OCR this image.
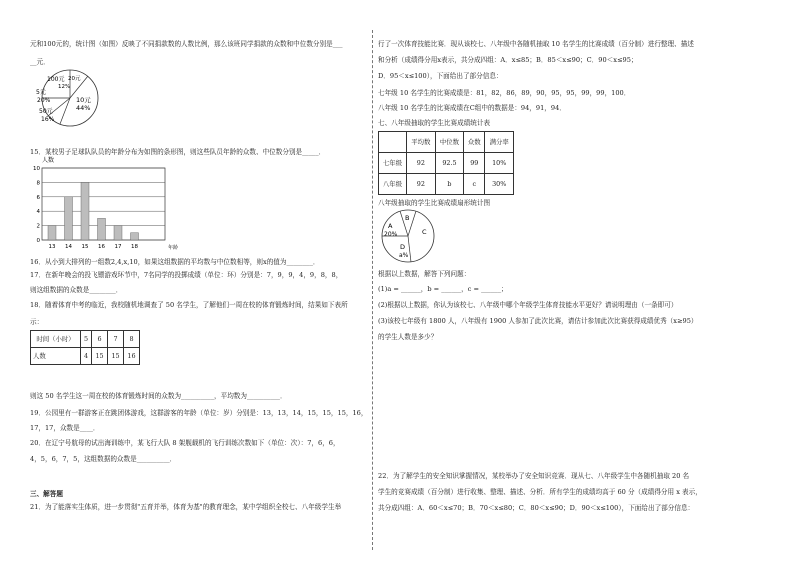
元和100元的，统计图（如图）反映了不同捐款数的人数比例，那么该班同学捐款的众数和中位数分别是___
__元．
100元
12%
20元
50元
16%
10元
44%
5元
20%
15．某校男子足球队队员的年龄分布为如图的条形图，则这些队员年龄的众数、中位数分别是_____．
人数
年龄
0
2
4
6
8
10
13 14 15 16 17 18
16．从小到大排列的一组数2,4,x,10，如果这组数据的平均数与中位数相等，则x的值为________．
17．在新年晚会的投飞镖游戏环节中，7名同学的投掷成绩（单位：环）分别是：7，9，9，4，9，8，8，
则这组数据的众数是________．
18．随着体育中考的临近，我校随机地调查了 50 名学生，了解他们一周在校的体育锻炼时间，结果如下表所
示：
时间（小时）	5	6	7	8
人数	4	15	15	16
则这 50 名学生这一周在校的体育锻炼时间的众数为__________，平均数为__________．
19．公园里有一群游客正在跳团体游戏，这群游客的年龄（单位：岁）分别是：13，13，14，15，15，15，16，
17，17，众数是____．
20．在辽宁号航母的试出海训练中，某飞行大队 8 架舰载机的飞行训练次数如下（单位：次）：7，6，6，
4，5，6，7，5，这组数据的众数是__________．
三、解答题
21．为了能落实生体质，进一步贯彻"五育并举，体育为基"的教育理念，某中学组织全校七、八年级学生举
行了一次体育技能比赛．现从该校七、八年级中各随机抽取 10 名学生的比赛成绩（百分制）进行整理、描述
和分析（成绩得分用x表示，共分成四组：A．x≤85；B．85＜x≤90；C．90＜x≤95；
D．95＜x≤100），下面给出了部分信息：
七年级 10 名学生的比赛成绩是：81，82，86，89，90，95，95，99，99，100．
八年级 10 名学生的比赛成绩在C组中的数据是：94，91，94．
七、八年级抽取的学生比赛成绩统计表
	平均数	中位数	众数	满分率
七年级	92	92.5	99	10%
八年级	92	b	c	30%
八年级抽取的学生比赛成绩扇形统计图
A
20%
B
C
D
a%
根据以上数据，解答下列问题：
(1)a = ______，b = ______，c = ______；
(2)根据以上数据，你认为该校七、八年级中哪个年级学生体育技能水平更好？请说明理由（一条即可）
(3)该校七年级有 1800 人，八年级有 1900 人参加了此次比赛，请估计参加此次比赛获得成绩优秀（x≥95）
的学生人数是多少？
22．为了解学生的安全知识掌握情况，某校举办了安全知识竞赛．现从七、八年级学生中各随机抽取 20 名
学生的竞赛成绩（百分制）进行收集、整理、描述、分析．所有学生的成绩均高于 60 分（成绩得分用 x 表示，
共分成四组：A．60＜x≤70；B．70＜x≤80；C．80＜x≤90；D．90＜x≤100），下面给出了部分信息：
